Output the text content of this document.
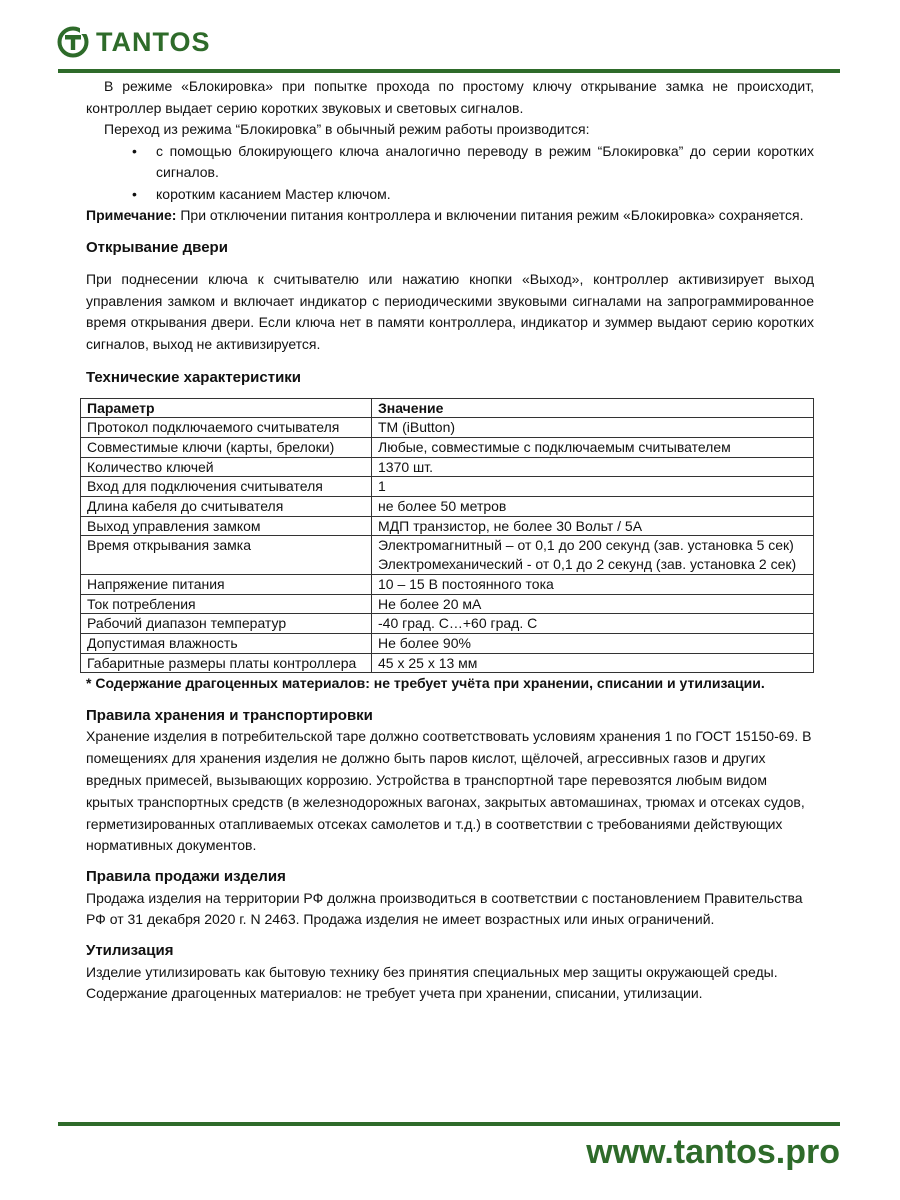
TANTOS

В режиме «Блокировка» при попытке прохода по простому ключу открывание замка не происходит, контроллер выдает серию коротких звуковых и световых сигналов.

Переход из режима “Блокировка” в обычный режим работы производится:

• с помощью блокирующего ключа аналогично переводу в режим “Блокировка” до серии коротких сигналов.
• коротким касанием Мастер ключом.

Примечание: При отключении питания контроллера и включении питания режим «Блокировка» сохраняется.

Открывание двери

При поднесении ключа к считывателю или нажатию кнопки «Выход», контроллер активизирует выход управления замком и включает индикатор с периодическими звуковыми сигналами на запрограммированное время открывания двери. Если ключа нет в памяти контроллера, индикатор и зуммер выдают серию коротких сигналов, выход не активизируется.

Технические характеристики
Параметр	Значение
Протокол подключаемого считывателя	TM (iButton)
Совместимые ключи (карты, брелоки)	Любые, совместимые с подключаемым считывателем
Количество ключей	1370 шт.
Вход для подключения считывателя	1
Длина кабеля до считывателя	не более 50 метров
Выход управления замком	МДП транзистор, не более 30 Вольт / 5А
Время открывания замка	Электромагнитный – от 0,1 до 200 секунд (зав. установка 5 сек)
Электромеханический - от 0,1 до 2 секунд (зав. установка 2 сек)
Напряжение питания	10 – 15 В постоянного тока
Ток потребления	Не более 20 мА
Рабочий диапазон температур	-40 град. С…+60 град. С
Допустимая влажность	Не более 90%
Габаритные размеры платы контроллера	45 х 25 х 13 мм

* Содержание драгоценных материалов: не требует учёта при хранении, списании и утилизации.

Правила хранения и транспортировки

Хранение изделия в потребительской таре должно соответствовать условиям хранения 1 по ГОСТ 15150-69. В помещениях для хранения изделия не должно быть паров кислот, щёлочей, агрессивных газов и других вредных примесей, вызывающих коррозию. Устройства в транспортной таре перевозятся любым видом крытых транспортных средств (в железнодорожных вагонах, закрытых автомашинах, трюмах и отсеках судов, герметизированных отапливаемых отсеках самолетов и т.д.) в соответствии с требованиями действующих нормативных документов.

Правила продажи изделия

Продажа изделия на территории РФ должна производиться в соответствии с постановлением Правительства РФ от 31 декабря 2020 г. N 2463. Продажа изделия не имеет возрастных или иных ограничений.

Утилизация

Изделие утилизировать как бытовую технику без принятия специальных мер защиты окружающей среды.

Содержание драгоценных материалов: не требует учета при хранении, списании, утилизации.

www.tantos.pro
